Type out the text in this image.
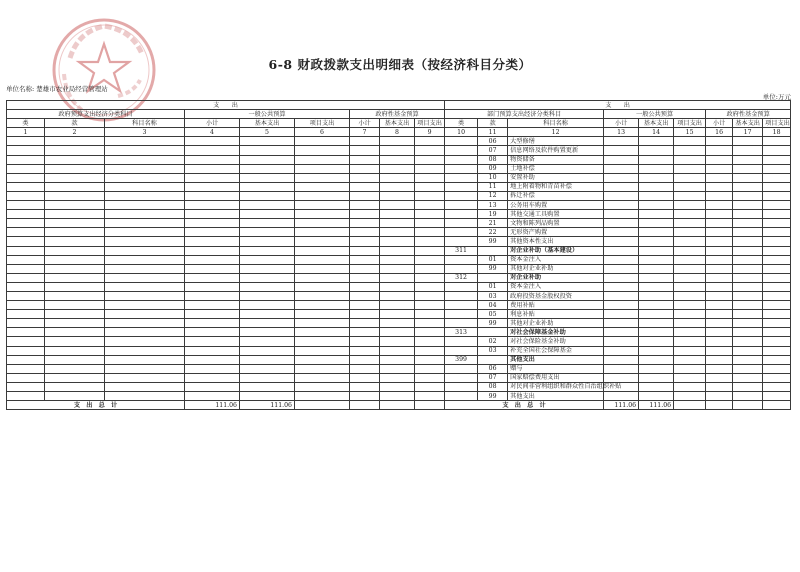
6-8 财政拨款支出明细表（按经济科目分类）
单位名称: 楚雄市农业局经营管理站
单位:万元
支　　出									支　　出								
政府预算支出经济分类科目			一般公共预算			政府性基金预算			部门预算支出经济分类科目			一般公共预算			政府性基金预算		
类	款	科目名称	小计	基本支出	项目支出	小计	基本支出	项目支出	类	款	科目名称	小计	基本支出	项目支出	小计	基本支出	项目支出
1	2	3	4	5	6	7	8	9	10	11	12	13	14	15	16	17	18
										06	大型修缮						
										07	信息网络及软件购置更新						
										08	物资储备						
										09	土地补偿						
										10	安置补助						
										11	地上附着物和青苗补偿						
										12	拆迁补偿						
										13	公务用车购置						
										19	其他交通工具购置						
										21	文物和陈列品购置						
										22	无形资产购置						
										99	其他资本性支出						
									311		对企业补助（基本建设）						
										01	资本金注入						
										99	其他对企业补助						
									312		对企业补助						
										01	资本金注入						
										03	政府投资基金股权投资						
										04	费用补贴						
										05	利息补贴						
										99	其他对企业补助						
									313		对社会保障基金补助						
										02	对社会保险基金补助						
										03	补充全国社会保障基金						
									399		其他支出						
										06	赠与						
										07	国家赔偿费用支出						
										08	对民间非营利组织和群众性自治组织补贴						
										99	其他支出						
支　出　总　计			111.06	111.06					支　出　总　计			111.06	111.06				
